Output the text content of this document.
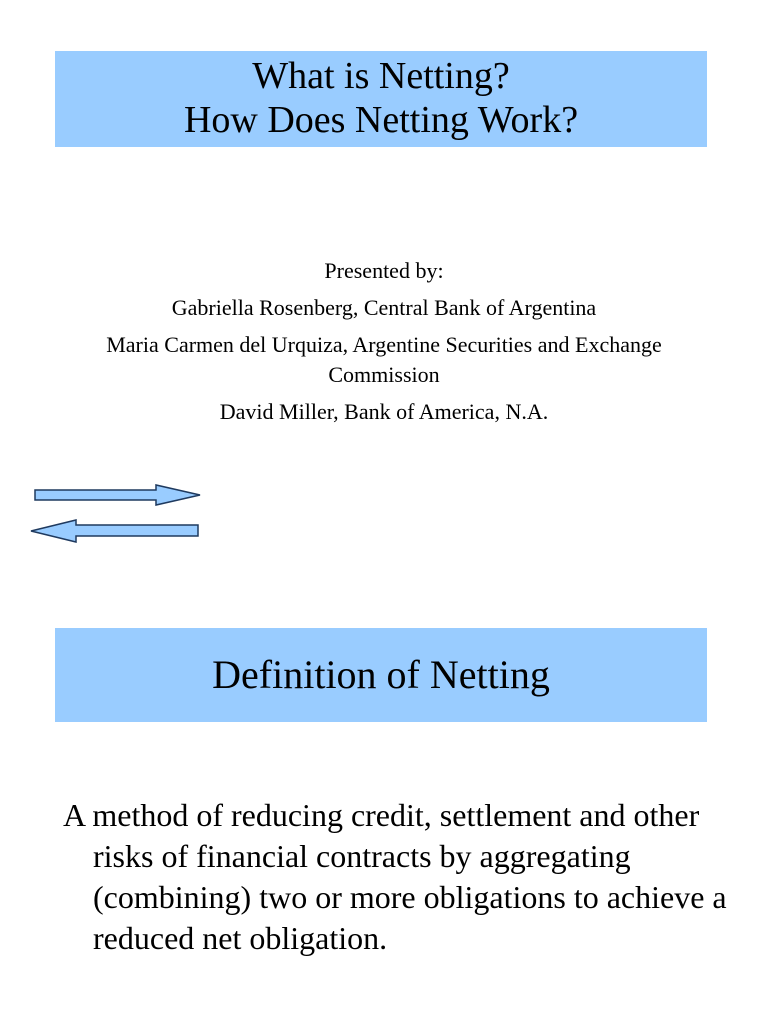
What is Netting?
How Does Netting Work?
Presented by:
Gabriella Rosenberg, Central Bank of Argentina
Maria Carmen del Urquiza, Argentine Securities and Exchange Commission
David Miller, Bank of America, N.A.
Definition of Netting
A method of reducing credit, settlement and other risks of financial contracts by aggregating (combining) two or more obligations to achieve a reduced net obligation.
